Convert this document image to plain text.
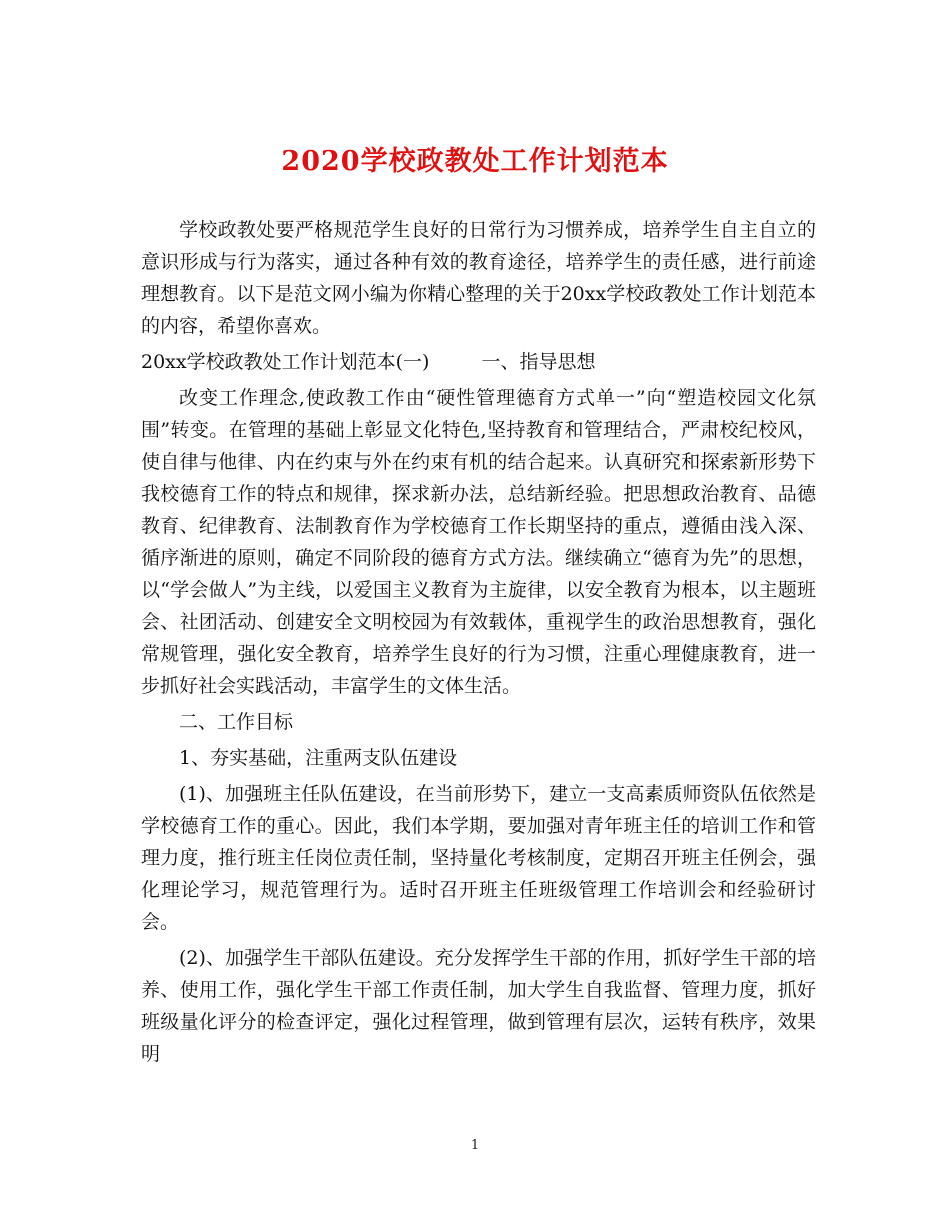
2020学校政教处工作计划范本

学校政教处要严格规范学生良好的日常行为习惯养成，培养学生自主自立的意识形成与行为落实，通过各种有效的教育途径，培养学生的责任感，进行前途理想教育。以下是范文网小编为你精心整理的关于20xx学校政教处工作计划范本的内容，希望你喜欢。

20xx学校政教处工作计划范本(一)	一、指导思想

改变工作理念,使政教工作由“硬性管理德育方式单一”向“塑造校园文化氛围”转变。在管理的基础上彰显文化特色,坚持教育和管理结合，严肃校纪校风，使自律与他律、内在约束与外在约束有机的结合起来。认真研究和探索新形势下我校德育工作的特点和规律，探求新办法，总结新经验。把思想政治教育、品德教育、纪律教育、法制教育作为学校德育工作长期坚持的重点，遵循由浅入深、循序渐进的原则，确定不同阶段的德育方式方法。继续确立“德育为先”的思想，以“学会做人”为主线，以爱国主义教育为主旋律，以安全教育为根本，以主题班会、社团活动、创建安全文明校园为有效载体，重视学生的政治思想教育，强化常规管理，强化安全教育，培养学生良好的行为习惯，注重心理健康教育，进一步抓好社会实践活动，丰富学生的文体生活。

二、工作目标

1、夯实基础，注重两支队伍建设

(1)、加强班主任队伍建设，在当前形势下，建立一支高素质师资队伍依然是学校德育工作的重心。因此，我们本学期，要加强对青年班主任的培训工作和管理力度，推行班主任岗位责任制，坚持量化考核制度，定期召开班主任例会，强化理论学习，规范管理行为。适时召开班主任班级管理工作培训会和经验研讨会。

(2)、加强学生干部队伍建设。充分发挥学生干部的作用，抓好学生干部的培养、使用工作，强化学生干部工作责任制，加大学生自我监督、管理力度，抓好班级量化评分的检查评定，强化过程管理，做到管理有层次，运转有秩序，效果明

1
